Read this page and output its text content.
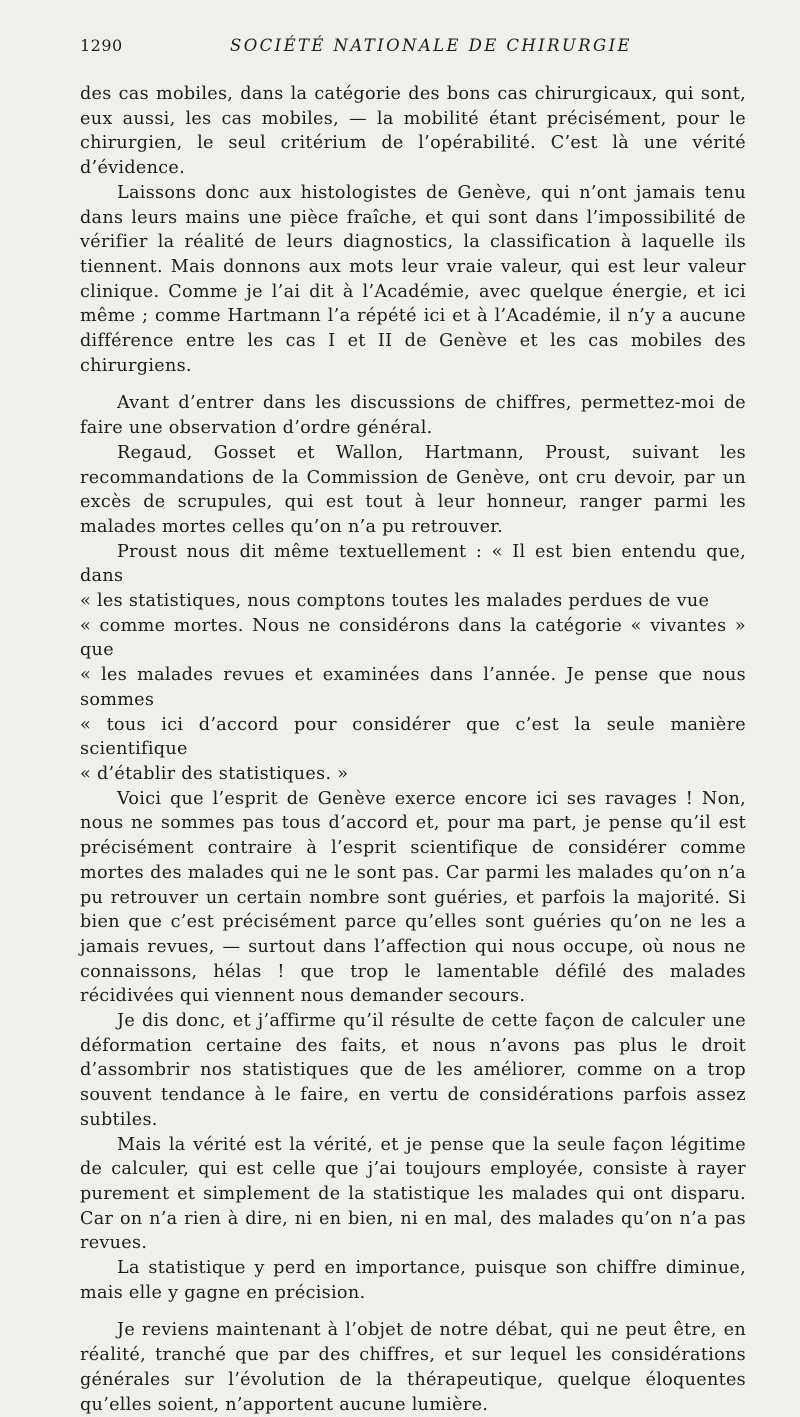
1290	SOCIÉTÉ NATIONALE DE CHIRURGIE

des cas mobiles, dans la catégorie des bons cas chirurgicaux, qui sont, eux aussi, les cas mobiles, — la mobilité étant précisément, pour le chirurgien, le seul critérium de l’opérabilité. C’est là une vérité d’évidence.

Laissons donc aux histologistes de Genève, qui n’ont jamais tenu dans leurs mains une pièce fraîche, et qui sont dans l’impossibilité de vérifier la réalité de leurs diagnostics, la classification à laquelle ils tiennent. Mais donnons aux mots leur vraie valeur, qui est leur valeur clinique. Comme je l’ai dit à l’Académie, avec quelque énergie, et ici même ; comme Hartmann l’a répété ici et à l’Académie, il n’y a aucune différence entre les cas I et II de Genève et les cas mobiles des chirurgiens.

Avant d’entrer dans les discussions de chiffres, permettez-moi de faire une observation d’ordre général.

Regaud, Gosset et Wallon, Hartmann, Proust, suivant les recommandations de la Commission de Genève, ont cru devoir, par un excès de scrupules, qui est tout à leur honneur, ranger parmi les malades mortes celles qu’on n’a pu retrouver.

Proust nous dit même textuellement : « Il est bien entendu que, dans

« les statistiques, nous comptons toutes les malades perdues de vue

« comme mortes. Nous ne considérons dans la catégorie « vivantes » que

« les malades revues et examinées dans l’année. Je pense que nous sommes

« tous ici d’accord pour considérer que c’est la seule manière scientifique

« d’établir des statistiques. »

Voici que l’esprit de Genève exerce encore ici ses ravages ! Non, nous ne sommes pas tous d’accord et, pour ma part, je pense qu’il est précisément contraire à l’esprit scientifique de considérer comme mortes des malades qui ne le sont pas. Car parmi les malades qu’on n’a pu retrouver un certain nombre sont guéries, et parfois la majorité. Si bien que c’est précisément parce qu’elles sont guéries qu’on ne les a jamais revues, — surtout dans l’affection qui nous occupe, où nous ne connaissons, hélas ! que trop le lamentable défilé des malades récidivées qui viennent nous demander secours.

Je dis donc, et j’affirme qu’il résulte de cette façon de calculer une déformation certaine des faits, et nous n’avons pas plus le droit d’assombrir nos statistiques que de les améliorer, comme on a trop souvent tendance à le faire, en vertu de considérations parfois assez subtiles.

Mais la vérité est la vérité, et je pense que la seule façon légitime de calculer, qui est celle que j’ai toujours employée, consiste à rayer purement et simplement de la statistique les malades qui ont disparu. Car on n’a rien à dire, ni en bien, ni en mal, des malades qu’on n’a pas revues.

La statistique y perd en importance, puisque son chiffre diminue, mais elle y gagne en précision.

Je reviens maintenant à l’objet de notre débat, qui ne peut être, en réalité, tranché que par des chiffres, et sur lequel les considérations générales sur l’évolution de la thérapeutique, quelque éloquentes qu’elles soient, n’apportent aucune lumière.
